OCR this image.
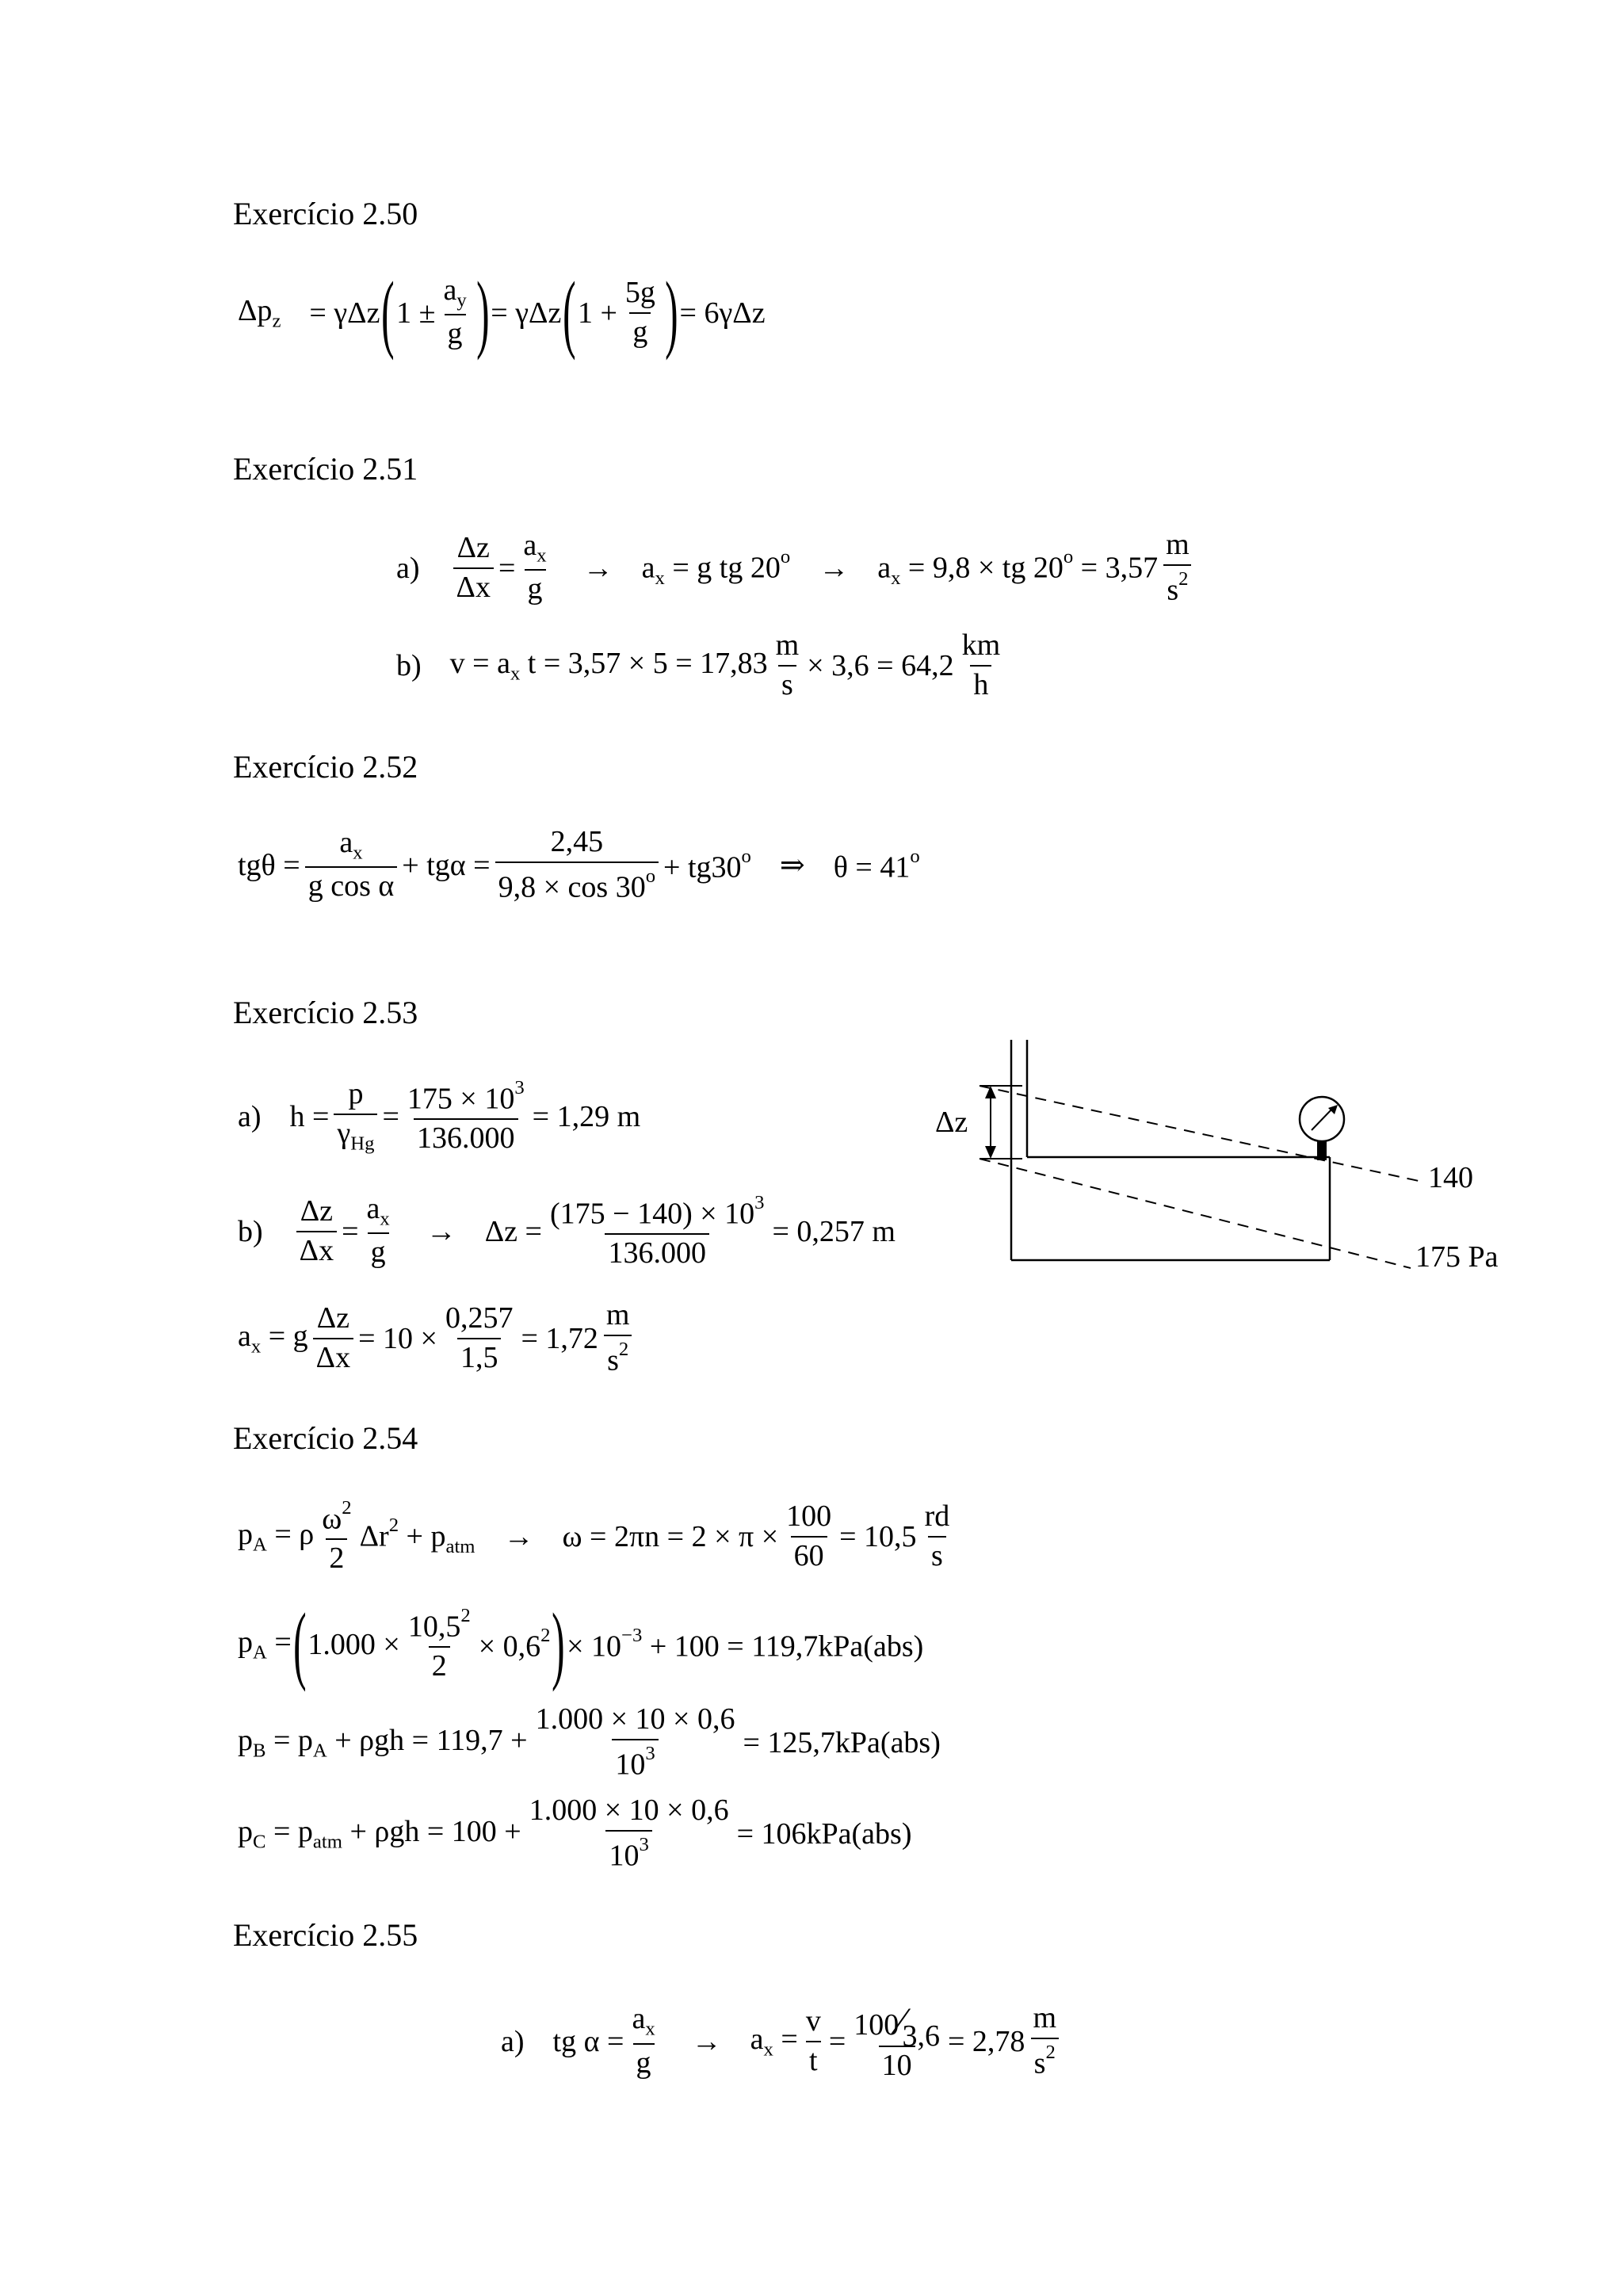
Exercício 2.50
$\Delta p_z = \gamma\Delta z$ ( $1 \pm \frac{a_y}{g}$ ) = γΔz ( $1 + \frac{5g}{g}$ ) = 6γΔz
Exercício 2.51
$a) \frac{\Delta z}{\Delta x} = \frac{a_x}{g} \to a_x = g$ tg $20^o \to a_x = 9,8$ × tg $20^o = 3,57 \frac{m}{s^2}$
b) $v = a_x$ $t = 3,57 \times 5 = 17,83 \frac{m}{s} \times 3,6 = 64,2 \frac{km}{h}$
Exercício 2.52
$tg\theta = \frac{a_x}{\text{g cos α}} + tg\alpha = \frac{2,45}{9,8 \times \cos 30^o} + tg30^o$ ⇒ $\theta = 41^o$
Exercício 2.53
a) $h = \frac{p}{\gamma_{Hg}} = \frac{175 \times 10^3}{136.000} = 1,29$ m
$b) \frac{\Delta z}{\Delta x} = \frac{a_x}{g} \to \Delta z = \frac{(175 - 140) \times 10^3}{136.000} = 0,257$ m
$a_x = g \frac{\Delta z}{\Delta x} = 10 \times \frac{0,257}{1,5} = 1,72 \frac{m}{s^2}$
Δz
140
175 Pa
Exercício 2.54
$p_A = \rho \frac{\omega^2}{2} \Delta r^2 + p_{atm} \to \omega = 2\pi n = 2 \times \pi \times \frac{100}{60} = 10,5 \frac{rd}{s}$
$p_A$ = ( $1.000 \times \frac{10,5^2}{2} \times 0,6^2$ ) × $10^{-3} + 100 = 119,7kPa(abs)$
$p_B = p_A + \rho gh = 119,7 + \frac{1.000 \times 10 \times 0,6}{10^3} = 125,7kPa(abs)$
$p_C = p_{atm} + \rho gh = 100 + \frac{1.000 \times 10 \times 0,6}{10^3} = 106kPa(abs)$
Exercício 2.55
a) tg $\alpha = \frac{a_x}{g} \to a_x = \frac{v}{t} = \frac{100⁄3,6}{10} = 2,78 \frac{m}{s^2}$
